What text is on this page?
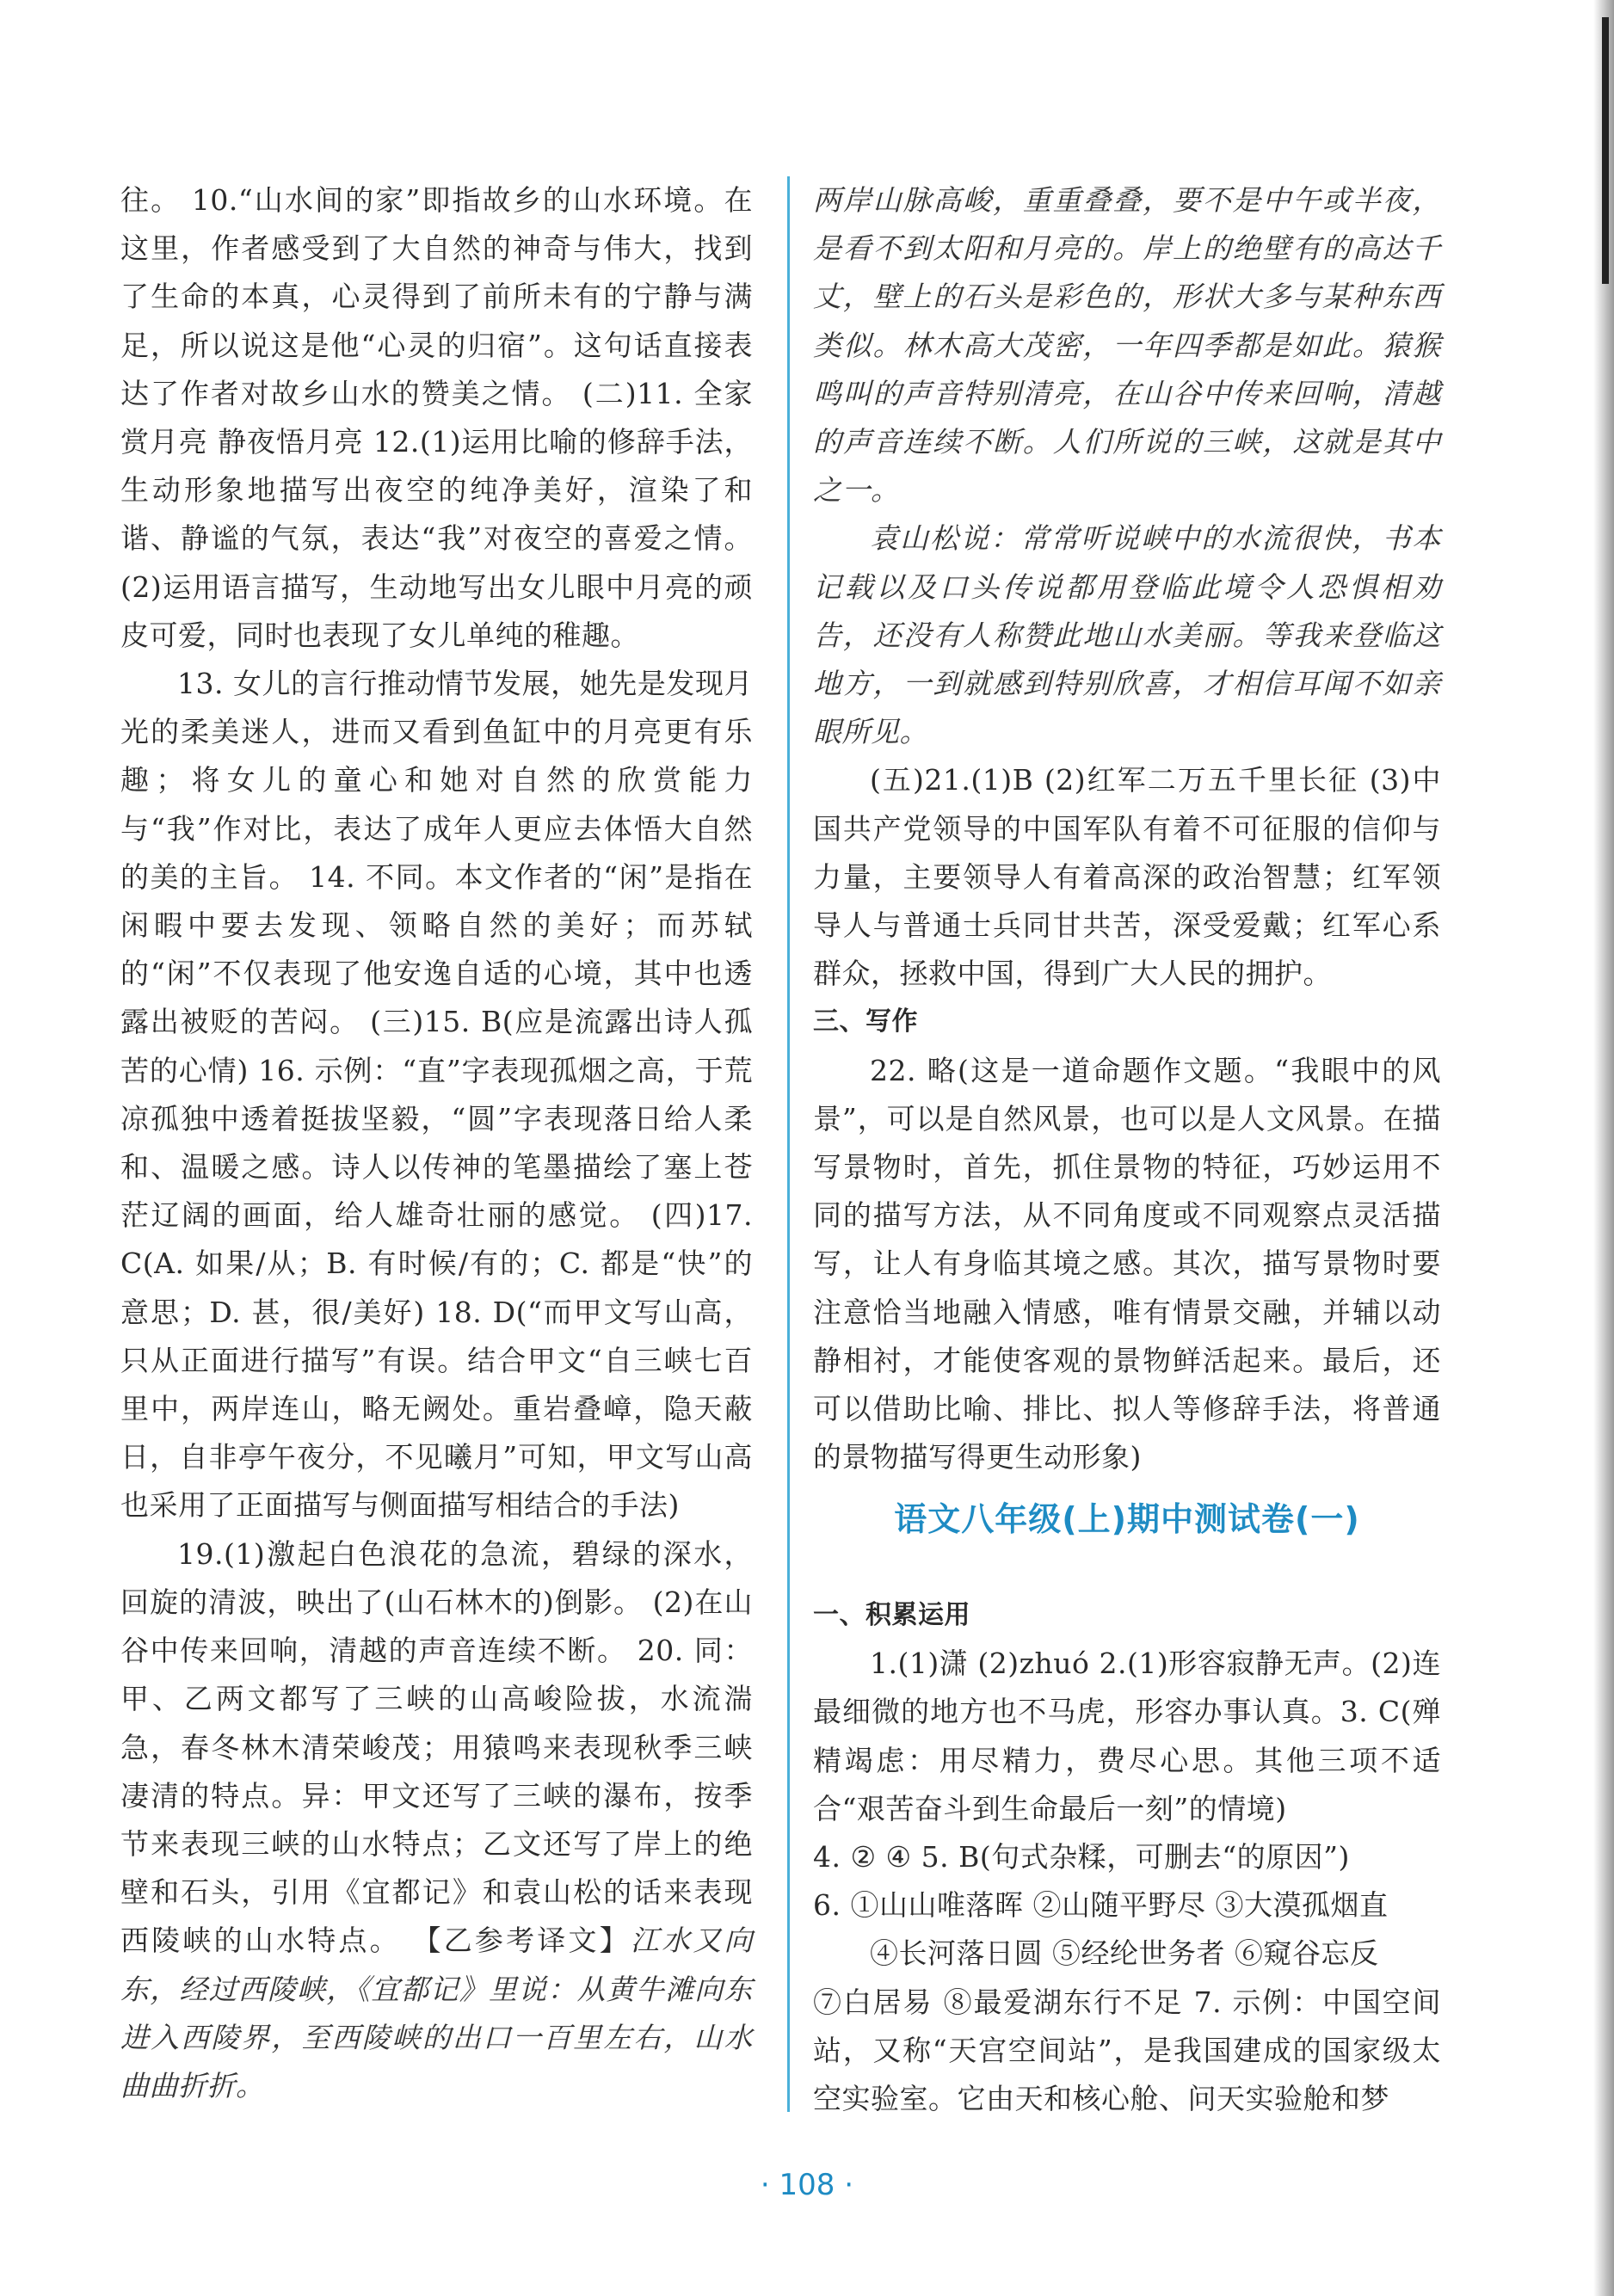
往。 10.“山水间的家”即指故乡的山水环境。在这里，作者感受到了大自然的神奇与伟大，找到了生命的本真，心灵得到了前所未有的宁静与满足，所以说这是他“心灵的归宿”。这句话直接表达了作者对故乡山水的赞美之情。 (二)11. 全家赏月亮 静夜悟月亮 12.(1)运用比喻的修辞手法，生动形象地描写出夜空的纯净美好，渲染了和谐、静谧的气氛，表达“我”对夜空的喜爱之情。 (2)运用语言描写，生动地写出女儿眼中月亮的顽皮可爱，同时也表现了女儿单纯的稚趣。

13. 女儿的言行推动情节发展，她先是发现月光的柔美迷人，进而又看到鱼缸中的月亮更有乐趣；将女儿的童心和她对自然的欣赏能力与“我”作对比，表达了成年人更应去体悟大自然的美的主旨。 14. 不同。本文作者的“闲”是指在闲暇中要去发现、领略自然的美好；而苏轼的“闲”不仅表现了他安逸自适的心境，其中也透露出被贬的苦闷。 (三)15. B(应是流露出诗人孤苦的心情) 16. 示例：“直”字表现孤烟之高，于荒凉孤独中透着挺拔坚毅，“圆”字表现落日给人柔和、温暖之感。诗人以传神的笔墨描绘了塞上苍茫辽阔的画面，给人雄奇壮丽的感觉。 (四)17. C(A. 如果/从；B. 有时候/有的；C. 都是“快”的意思；D. 甚，很/美好) 18. D(“而甲文写山高，只从正面进行描写”有误。结合甲文“自三峡七百里中，两岸连山，略无阙处。重岩叠嶂，隐天蔽日，自非亭午夜分，不见曦月”可知，甲文写山高也采用了正面描写与侧面描写相结合的手法)

19.(1)激起白色浪花的急流，碧绿的深水，回旋的清波，映出了(山石林木的)倒影。 (2)在山谷中传来回响，清越的声音连续不断。 20. 同：甲、乙两文都写了三峡的山高峻险拔，水流湍急，春冬林木清荣峻茂；用猿鸣来表现秋季三峡凄清的特点。异：甲文还写了三峡的瀑布，按季节来表现三峡的山水特点；乙文还写了岸上的绝壁和石头，引用《宜都记》和袁山松的话来表现西陵峡的山水特点。 【乙参考译文】江水又向东，经过西陵峡，《宜都记》里说：从黄牛滩向东进入西陵界，至西陵峡的出口一百里左右，山水曲曲折折。

两岸山脉高峻，重重叠叠，要不是中午或半夜，是看不到太阳和月亮的。岸上的绝壁有的高达千丈，壁上的石头是彩色的，形状大多与某种东西类似。林木高大茂密，一年四季都是如此。猿猴鸣叫的声音特别清亮，在山谷中传来回响，清越的声音连续不断。人们所说的三峡，这就是其中之一。

袁山松说：常常听说峡中的水流很快，书本记载以及口头传说都用登临此境令人恐惧相劝告，还没有人称赞此地山水美丽。等我来登临这地方，一到就感到特别欣喜，才相信耳闻不如亲眼所见。

(五)21.(1)B (2)红军二万五千里长征 (3)中国共产党领导的中国军队有着不可征服的信仰与力量，主要领导人有着高深的政治智慧；红军领导人与普通士兵同甘共苦，深受爱戴；红军心系群众，拯救中国，得到广大人民的拥护。

三、写作

22. 略(这是一道命题作文题。“我眼中的风景”，可以是自然风景，也可以是人文风景。在描写景物时，首先，抓住景物的特征，巧妙运用不同的描写方法，从不同角度或不同观察点灵活描写，让人有身临其境之感。其次，描写景物时要注意恰当地融入情感，唯有情景交融，并辅以动静相衬，才能使客观的景物鲜活起来。最后，还可以借助比喻、排比、拟人等修辞手法，将普通的景物描写得更生动形象)

语文八年级(上)期中测试卷(一)

一、积累运用

1.(1)潇 (2)zhuó 2.(1)形容寂静无声。(2)连最细微的地方也不马虎，形容办事认真。3. C(殚精竭虑：用尽精力，费尽心思。其他三项不适合“艰苦奋斗到生命最后一刻”的情境)

4. ② ④ 5. B(句式杂糅，可删去“的原因”)

6. ①山山唯落晖 ②山随平野尽 ③大漠孤烟直

④长河落日圆 ⑤经纶世务者 ⑥窥谷忘反

⑦白居易 ⑧最爱湖东行不足 7. 示例：中国空间站，又称“天宫空间站”，是我国建成的国家级太空实验室。它由天和核心舱、问天实验舱和梦

· 108 ·
